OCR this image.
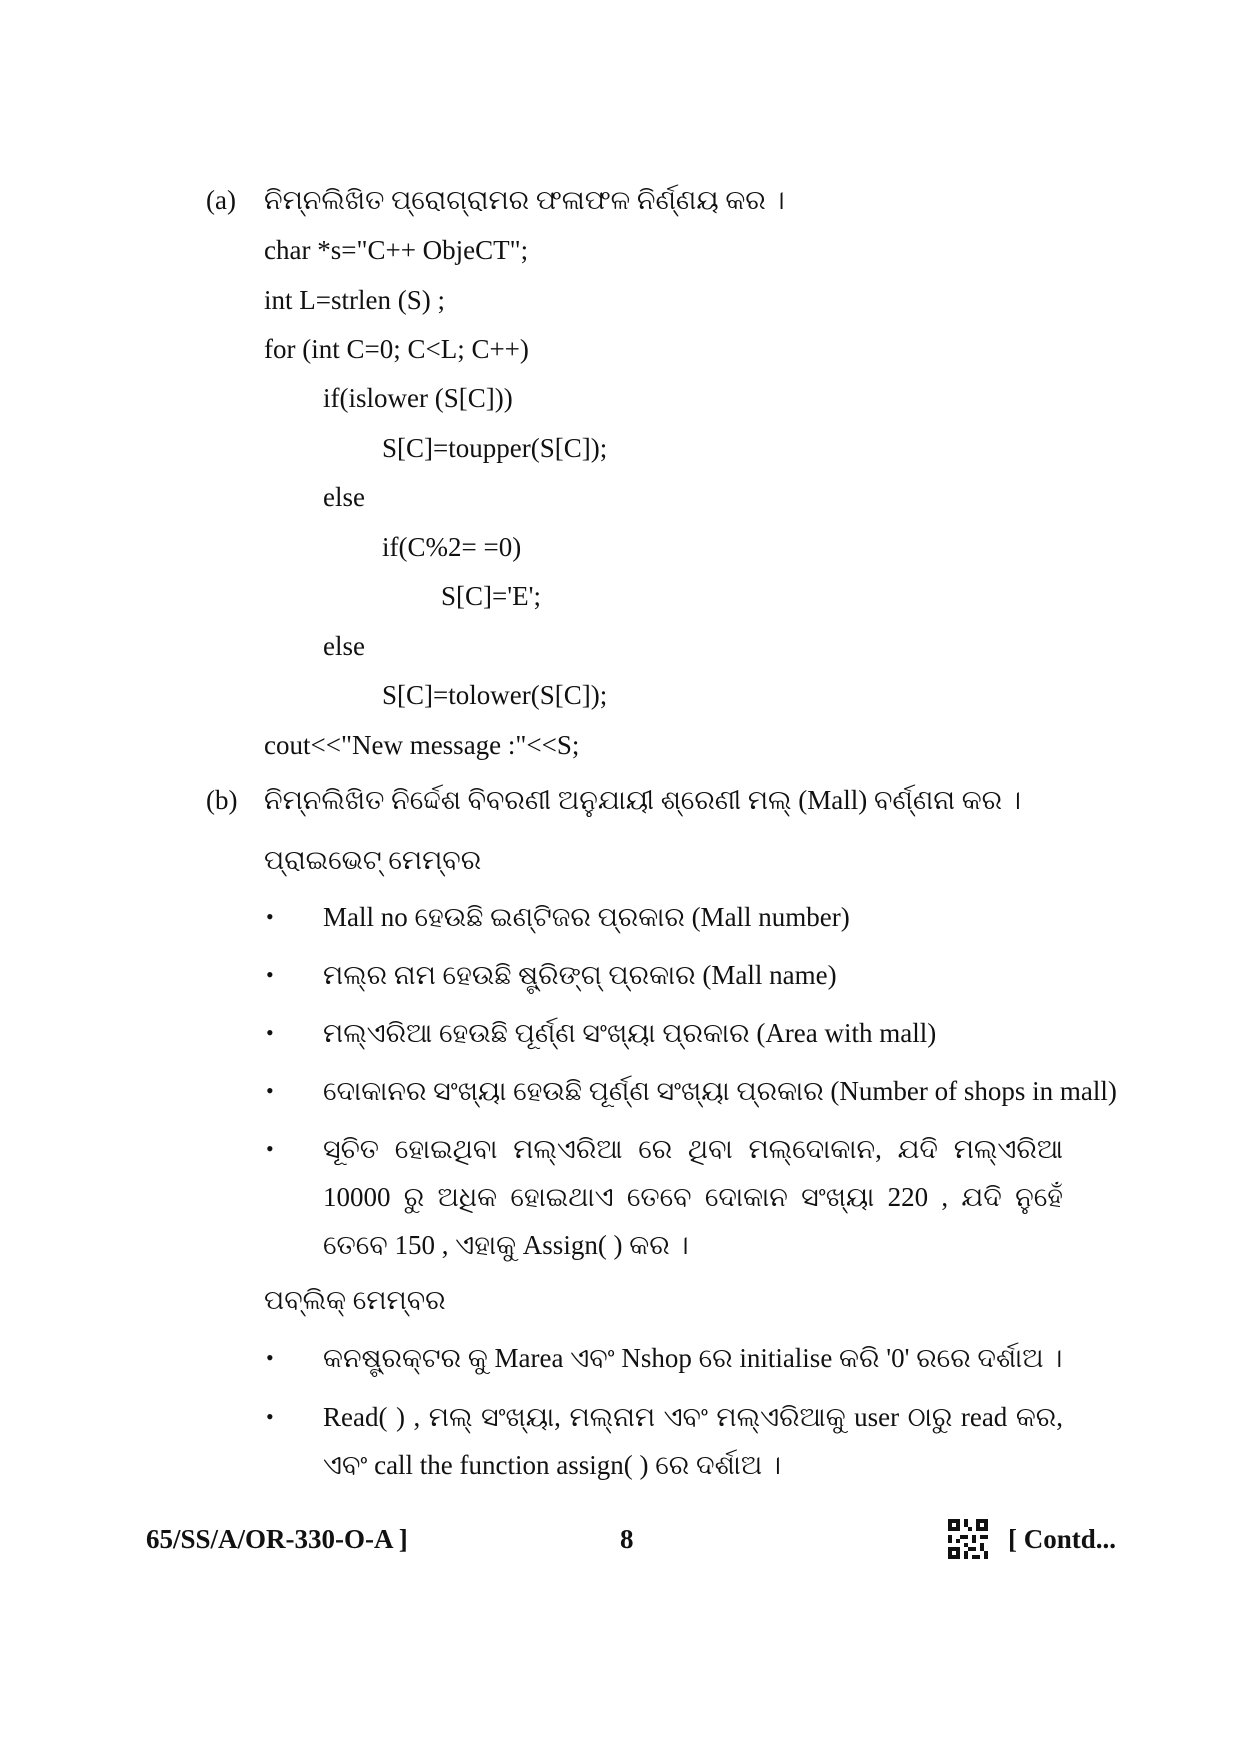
(a) ନିମ୍ନଲିଖିତ ପ୍ରୋଗ୍ରାମର ଫଳାଫଳ ନିର୍ଣ୍ଣୟ କର ।
char *s="C++ ObjeCT";
int L=strlen (S) ;
for (int C=0; C<L; C++)
if(islower (S[C]))
S[C]=toupper(S[C]);
else
if(C%2= =0)
S[C]='E';
else
S[C]=tolower(S[C]);
cout<<"New message :"<<S;
(b) ନିମ୍ନଲିଖିତ ନିର୍ଦ୍ଦେଶ ବିବରଣୀ ଅନୁଯାୟୀ ଶ୍ରେଣୀ ମଲ୍ (Mall) ବର୍ଣ୍ଣନା କର ।
ପ୍ରାଇଭେଟ୍ ମେମ୍ବର
• Mall no ହେଉଛି ଇଣ୍ଟିଜର ପ୍ରକାର (Mall number)
• ମଲ୍‌ର ନାମ ହେଉଛି ଷ୍ଟ୍ରିଙ୍ଗ୍ ପ୍ରକାର (Mall name)
• ମଲ୍‌ଏରିଆ ହେଉଛି ପୂର୍ଣ୍ଣ ସଂଖ୍ୟା ପ୍ରକାର (Area with mall)
• ଦୋକାନର ସଂଖ୍ୟା ହେଉଛି ପୂର୍ଣ୍ଣ ସଂଖ୍ୟା ପ୍ରକାର (Number of shops in mall)
• ସୂଚିତ ହୋଇଥିବା ମଲ୍‌ଏରିଆ ରେ ଥିବା ମଲ୍‌ଦୋକାନ, ଯଦି ମଲ୍‌ଏରିଆ 10000 ରୁ ଅଧିକ ହୋଇଥାଏ ତେବେ ଦୋକାନ ସଂଖ୍ୟା 220 , ଯଦି ନୁହେଁ ତେବେ 150 , ଏହାକୁ Assign( ) କର ।
ପବ୍ଲିକ୍ ମେମ୍ବର
• କନଷ୍ଟ୍ରକ୍ଟର କୁ Marea ଏବଂ Nshop ରେ initialise କରି '0' ରରେ ଦର୍ଶାଅ ।
• Read( ) , ମଲ୍ ସଂଖ୍ୟା, ମଲ୍‌ନାମ ଏବଂ ମଲ୍‌ଏରିଆକୁ user ଠାରୁ read କର, ଏବଂ call the function assign( ) ରେ ଦର୍ଶାଅ ।
65/SS/A/OR-330-O-A ]	8	[ Contd...
